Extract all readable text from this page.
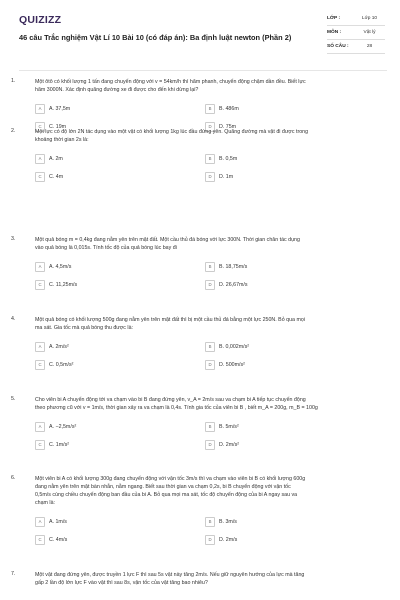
QUIZIZZ
46 câu Trắc nghiệm Vật Lí 10 Bài 10 (có đáp án): Ba định luật newton (Phần 2)
LỚP :	Lớp 10
MÔN :	Vật lý
SỐ CÂU :	28
1.	Một ôtô có khối lượng 1 tấn đang chuyển động với v = 54km/h thì hãm phanh, chuyển động chậm dần đều. Biết lực
hãm 3000N. Xác định quãng đường xe đi được cho đến khi dừng lại?
A	A. 37,5m	B	B. 486m
C	C. 19m	D	D. 75m
2.	Một lực có độ lớn 2N tác dụng vào một vật có khối lượng 1kg lúc đầu đứng yên. Quãng đường mà vật đi được trong
khoảng thời gian 2s là:
A	A. 2m	B	B. 0,5m
C	C. 4m	D	D. 1m
3.	Một quả bóng m = 0,4kg đang nằm yên trên mặt đất. Một cầu thủ đá bóng với lực 300N. Thời gian chân tác dụng
vào quả bóng là 0,015s. Tính tốc độ của quả bóng lúc bay đi
A	A. 4,5m/s	B	B. 18,75m/s
C	C. 11,25m/s	D	D. 26,67m/s
4.	Một quả bóng có khối lượng 500g đang nằm yên trên mặt đất thì bị một cầu thủ đá bằng một lực 250N. Bỏ qua mọi
ma sát. Gia tốc mà quả bóng thu được là:
A	A. 2m/s²	B	B. 0,002m/s²
C	C. 0,5m/s²	D	D. 500m/s²
5.	Cho viên bi A chuyển động tới va chạm vào bi B đang đứng yên, v_A = 2m/s sau va chạm bi A tiếp tục chuyển động
theo phương cũ với v = 1m/s, thời gian xảy ra va chạm là 0,4s. Tính gia tốc của viên bi B , biết m_A = 200g, m_B = 100g
A	A. −2,5m/s²	B	B. 5m/s²
C	C. 1m/s²	D	D. 2m/s²
6.	Một viên bi A có khối lượng 300g đang chuyển động với vận tốc 3m/s thì va chạm vào viên bi B có khối lượng 600g
đang nằm yên trên mặt bàn nhẵn, nằm ngang. Biết sau thời gian va chạm 0,2s, bi B chuyển động với vận tốc
0,5m/s cùng chiều chuyển động ban đầu của bi A. Bỏ qua mọi ma sát, tốc độ chuyển động của bi A ngay sau va
chạm là:
A	A. 1m/s	B	B. 3m/s
C	C. 4m/s	D	D. 2m/s
7.	Một vật đang đứng yên, được truyền 1 lực F thì sau 5s vật này tăng 2m/s. Nếu giữ nguyên hướng của lực mà tăng
gấp 2 lần độ lớn lực F vào vật thì sau 8s, vận tốc của vật tăng bao nhiêu?
